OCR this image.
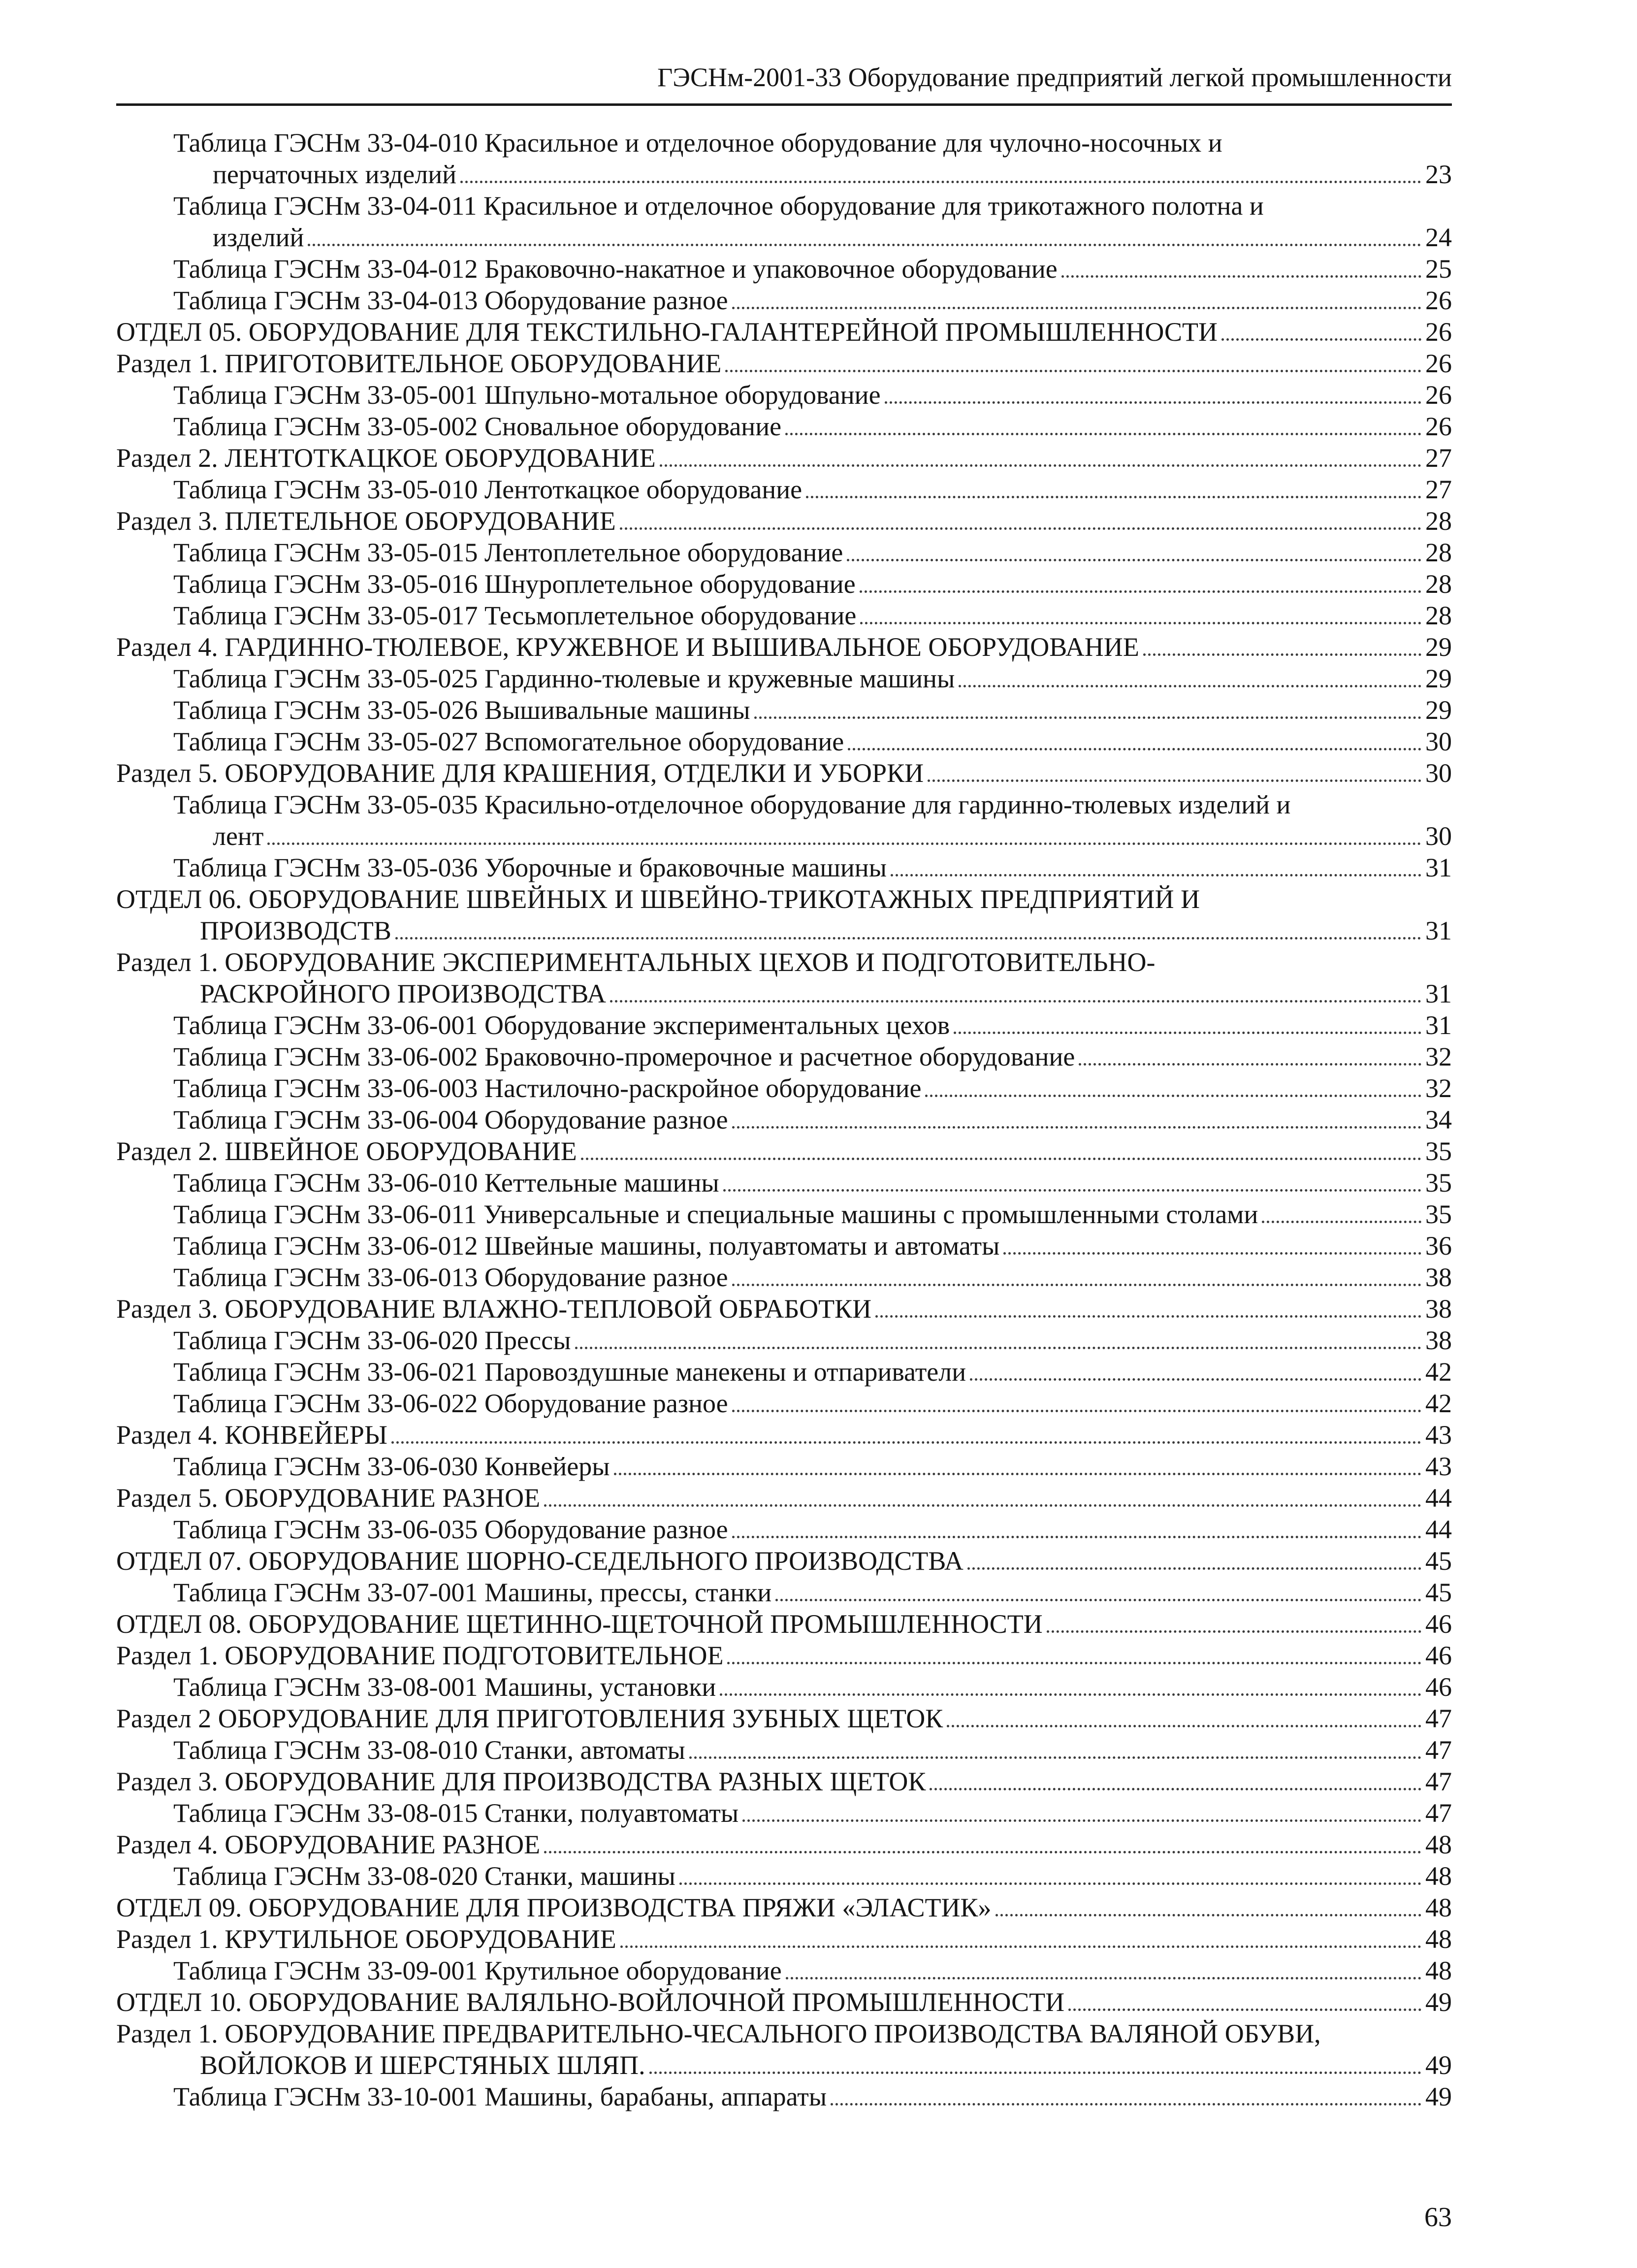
ГЭСНм-2001-33 Оборудование предприятий легкой промышленности
Таблица ГЭСНм 33-04-010 Красильное и отделочное оборудование для чулочно-носочных и
перчаточных изделий	23
Таблица ГЭСНм 33-04-011 Красильное и отделочное оборудование для трикотажного полотна и
изделий	24
Таблица ГЭСНм 33-04-012 Браковочно-накатное и упаковочное оборудование	25
Таблица ГЭСНм 33-04-013 Оборудование разное	26
ОТДЕЛ 05. ОБОРУДОВАНИЕ ДЛЯ ТЕКСТИЛЬНО-ГАЛАНТЕРЕЙНОЙ ПРОМЫШЛЕННОСТИ	26
Раздел 1. ПРИГОТОВИТЕЛЬНОЕ ОБОРУДОВАНИЕ	26
Таблица ГЭСНм 33-05-001 Шпульно-мотальное оборудование	26
Таблица ГЭСНм 33-05-002 Сновальное оборудование	26
Раздел 2. ЛЕНТОТКАЦКОЕ ОБОРУДОВАНИЕ	27
Таблица ГЭСНм 33-05-010 Лентоткацкое оборудование	27
Раздел 3. ПЛЕТЕЛЬНОЕ ОБОРУДОВАНИЕ	28
Таблица ГЭСНм 33-05-015 Лентоплетельное оборудование	28
Таблица ГЭСНм 33-05-016 Шнуроплетельное оборудование	28
Таблица ГЭСНм 33-05-017 Тесьмоплетельное оборудование	28
Раздел 4. ГАРДИННО-ТЮЛЕВОЕ, КРУЖЕВНОЕ И ВЫШИВАЛЬНОЕ ОБОРУДОВАНИЕ	29
Таблица ГЭСНм 33-05-025 Гардинно-тюлевые и кружевные машины	29
Таблица ГЭСНм 33-05-026 Вышивальные машины	29
Таблица ГЭСНм 33-05-027 Вспомогательное оборудование	30
Раздел 5. ОБОРУДОВАНИЕ ДЛЯ КРАШЕНИЯ, ОТДЕЛКИ И УБОРКИ	30
Таблица ГЭСНм 33-05-035 Красильно-отделочное оборудование для гардинно-тюлевых изделий и
лент	30
Таблица ГЭСНм 33-05-036 Уборочные и браковочные машины	31
ОТДЕЛ 06. ОБОРУДОВАНИЕ ШВЕЙНЫХ И ШВЕЙНО-ТРИКОТАЖНЫХ ПРЕДПРИЯТИЙ И
ПРОИЗВОДСТВ	31
Раздел 1. ОБОРУДОВАНИЕ ЭКСПЕРИМЕНТАЛЬНЫХ ЦЕХОВ И ПОДГОТОВИТЕЛЬНО-
РАСКРОЙНОГО ПРОИЗВОДСТВА	31
Таблица ГЭСНм 33-06-001 Оборудование экспериментальных цехов	31
Таблица ГЭСНм 33-06-002 Браковочно-промерочное и расчетное оборудование	32
Таблица ГЭСНм 33-06-003 Настилочно-раскройное оборудование	32
Таблица ГЭСНм 33-06-004 Оборудование разное	34
Раздел 2. ШВЕЙНОЕ ОБОРУДОВАНИЕ	35
Таблица ГЭСНм 33-06-010 Кеттельные машины	35
Таблица ГЭСНм 33-06-011 Универсальные и специальные машины с промышленными столами	35
Таблица ГЭСНм 33-06-012 Швейные машины, полуавтоматы и автоматы	36
Таблица ГЭСНм 33-06-013 Оборудование разное	38
Раздел 3. ОБОРУДОВАНИЕ ВЛАЖНО-ТЕПЛОВОЙ ОБРАБОТКИ	38
Таблица ГЭСНм 33-06-020 Прессы	38
Таблица ГЭСНм 33-06-021 Паровоздушные манекены и отпариватели	42
Таблица ГЭСНм 33-06-022 Оборудование разное	42
Раздел 4. КОНВЕЙЕРЫ	43
Таблица ГЭСНм 33-06-030 Конвейеры	43
Раздел 5. ОБОРУДОВАНИЕ РАЗНОЕ	44
Таблица ГЭСНм 33-06-035 Оборудование разное	44
ОТДЕЛ 07. ОБОРУДОВАНИЕ ШОРНО-СЕДЕЛЬНОГО ПРОИЗВОДСТВА	45
Таблица ГЭСНм 33-07-001 Машины, прессы, станки	45
ОТДЕЛ 08. ОБОРУДОВАНИЕ ЩЕТИННО-ЩЕТОЧНОЙ ПРОМЫШЛЕННОСТИ	46
Раздел 1. ОБОРУДОВАНИЕ ПОДГОТОВИТЕЛЬНОЕ	46
Таблица ГЭСНм 33-08-001 Машины, установки	46
Раздел 2 ОБОРУДОВАНИЕ ДЛЯ ПРИГОТОВЛЕНИЯ ЗУБНЫХ ЩЕТОК	47
Таблица ГЭСНм 33-08-010 Станки, автоматы	47
Раздел 3. ОБОРУДОВАНИЕ ДЛЯ ПРОИЗВОДСТВА РАЗНЫХ ЩЕТОК	47
Таблица ГЭСНм 33-08-015 Станки, полуавтоматы	47
Раздел 4. ОБОРУДОВАНИЕ РАЗНОЕ	48
Таблица ГЭСНм 33-08-020 Станки, машины	48
ОТДЕЛ 09. ОБОРУДОВАНИЕ ДЛЯ ПРОИЗВОДСТВА ПРЯЖИ «ЭЛАСТИК»	48
Раздел 1. КРУТИЛЬНОЕ ОБОРУДОВАНИЕ	48
Таблица ГЭСНм 33-09-001 Крутильное оборудование	48
ОТДЕЛ 10. ОБОРУДОВАНИЕ ВАЛЯЛЬНО-ВОЙЛОЧНОЙ ПРОМЫШЛЕННОСТИ	49
Раздел 1. ОБОРУДОВАНИЕ ПРЕДВАРИТЕЛЬНО-ЧЕСАЛЬНОГО ПРОИЗВОДСТВА ВАЛЯНОЙ ОБУВИ,
ВОЙЛОКОВ И ШЕРСТЯНЫХ ШЛЯП.	49
Таблица ГЭСНм 33-10-001 Машины, барабаны, аппараты	49
63
